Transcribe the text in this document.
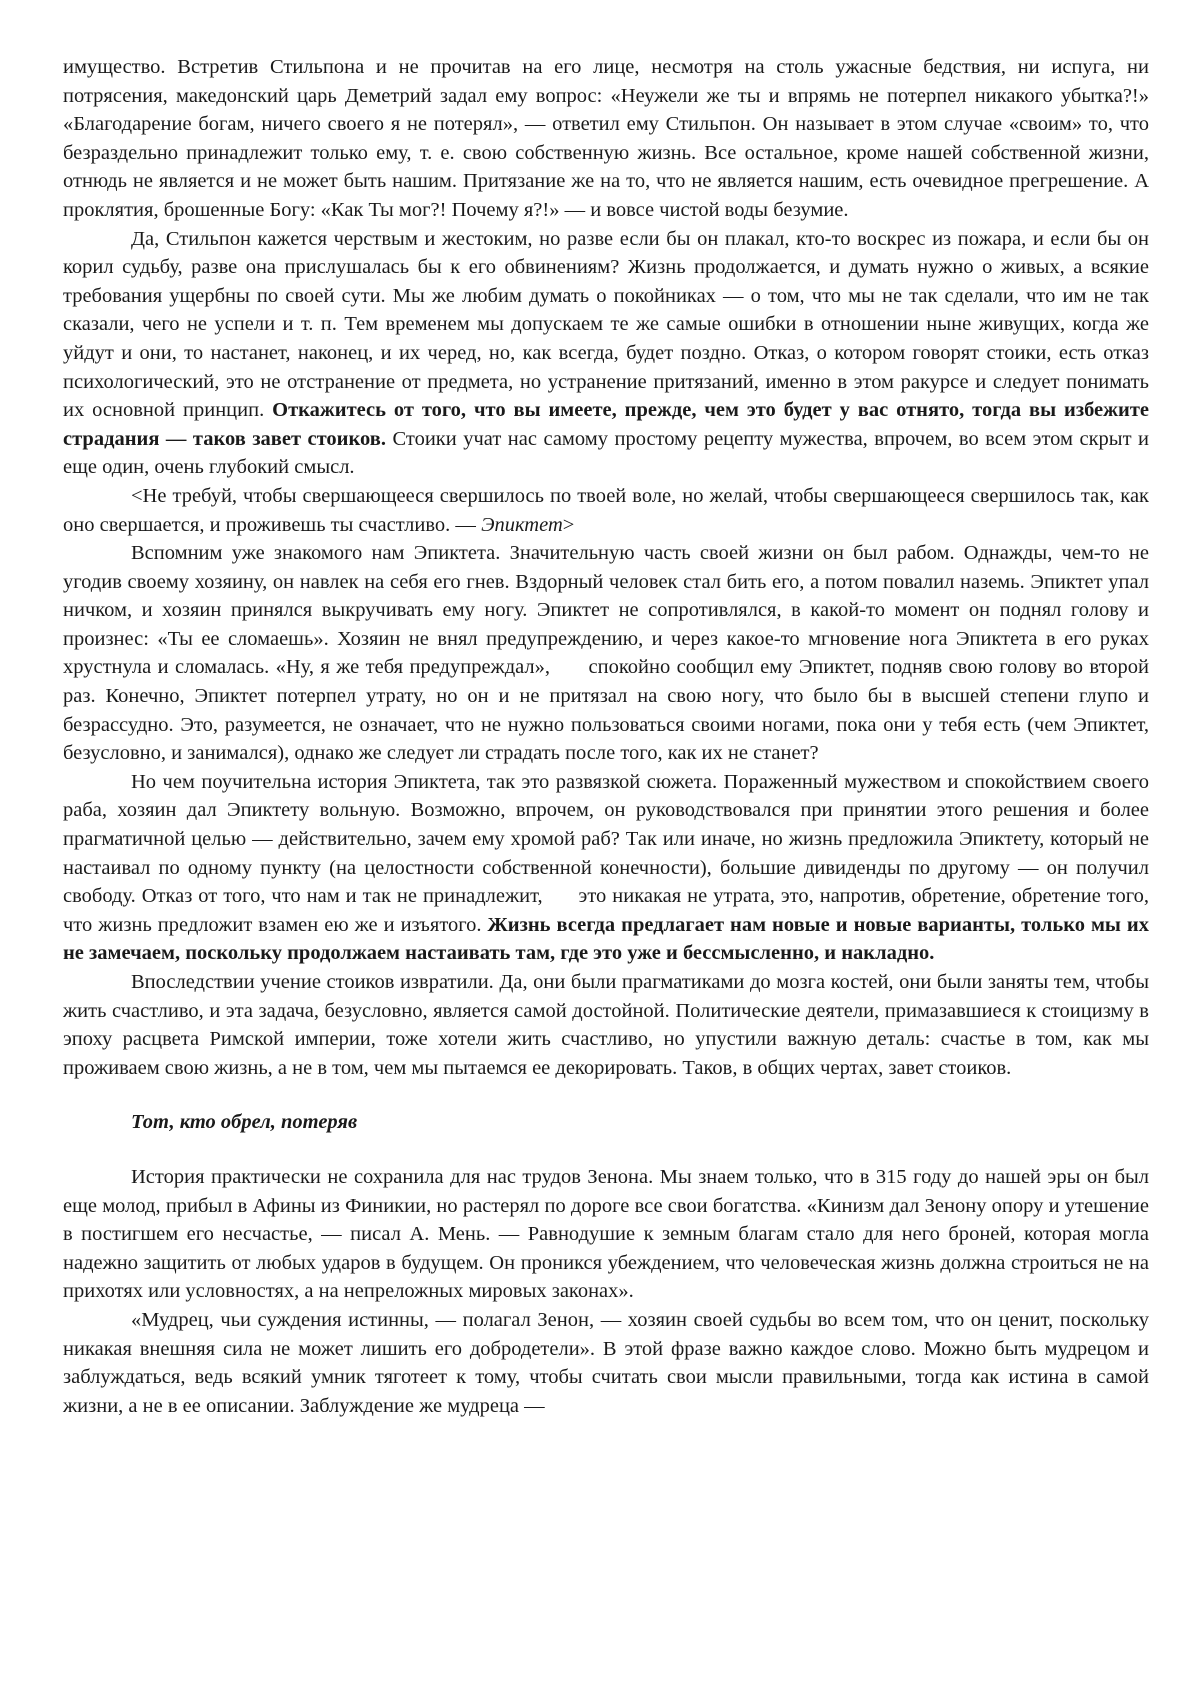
имущество. Встретив Стильпона и не прочитав на его лице, несмотря на столь ужасные бедствия, ни испуга, ни потрясения, македонский царь Деметрий задал ему вопрос: «Неужели же ты и впрямь не потерпел никакого убытка?!» «Благодарение богам, ничего своего я не потерял», — ответил ему Стильпон. Он называет в этом случае «своим» то, что безраздельно принадлежит только ему, т. е. свою собственную жизнь. Все остальное, кроме нашей собственной жизни, отнюдь не является и не может быть нашим. Притязание же на то, что не является нашим, есть очевидное прегрешение. А проклятия, брошенные Богу: «Как Ты мог?! Почему я?!» — и вовсе чистой воды безумие.

Да, Стильпон кажется черствым и жестоким, но разве если бы он плакал, кто-то воскрес из пожара, и если бы он корил судьбу, разве она прислушалась бы к его обвинениям? Жизнь продолжается, и думать нужно о живых, а всякие требования ущербны по своей сути. Мы же любим думать о покойниках — о том, что мы не так сделали, что им не так сказали, чего не успели и т. п. Тем временем мы допускаем те же самые ошибки в отношении ныне живущих, когда же уйдут и они, то настанет, наконец, и их черед, но, как всегда, будет поздно. Отказ, о котором говорят стоики, есть отказ психологический, это не отстранение от предмета, но устранение притязаний, именно в этом ракурсе и следует понимать их основной принцип. Откажитесь от того, что вы имеете, прежде, чем это будет у вас отнято, тогда вы избежите страдания — таков завет стоиков. Стоики учат нас самому простому рецепту мужества, впрочем, во всем этом скрыт и еще один, очень глубокий смысл.

<Не требуй, чтобы свершающееся свершилось по твоей воле, но желай, чтобы свершающееся свершилось так, как оно свершается, и проживешь ты счастливо. — Эпиктет>

Вспомним уже знакомого нам Эпиктета. Значительную часть своей жизни он был рабом. Однажды, чем-то не угодив своему хозяину, он навлек на себя его гнев. Вздорный человек стал бить его, а потом повалил наземь. Эпиктет упал ничком, и хозяин принялся выкручивать ему ногу. Эпиктет не сопротивлялся, в какой-то момент он поднял голову и произнес: «Ты ее сломаешь». Хозяин не внял предупреждению, и через какое-то мгновение нога Эпиктета в его руках хрустнула и сломалась. «Ну, я же тебя предупреждал»,      спокойно сообщил ему Эпиктет, подняв свою голову во второй раз. Конечно, Эпиктет потерпел утрату, но он и не притязал на свою ногу, что было бы в высшей степени глупо и безрассудно. Это, разумеется, не означает, что не нужно пользоваться своими ногами, пока они у тебя есть (чем Эпиктет, безусловно, и занимался), однако же следует ли страдать после того, как их не станет?

Но чем поучительна история Эпиктета, так это развязкой сюжета. Пораженный мужеством и спокойствием своего раба, хозяин дал Эпиктету вольную. Возможно, впрочем, он руководствовался при принятии этого решения и более прагматичной целью — действительно, зачем ему хромой раб? Так или иначе, но жизнь предложила Эпиктету, который не настаивал по одному пункту (на целостности собственной конечности), большие дивиденды по другому — он получил свободу. Отказ от того, что нам и так не принадлежит,      это никакая не утрата, это, напротив, обретение, обретение того, что жизнь предложит взамен ею же и изъятого. Жизнь всегда предлагает нам новые и новые варианты, только мы их не замечаем, поскольку продолжаем настаивать там, где это уже и бессмысленно, и накладно.

Впоследствии учение стоиков извратили. Да, они были прагматиками до мозга костей, они были заняты тем, чтобы жить счастливо, и эта задача, безусловно, является самой достойной. Политические деятели, примазавшиеся к стоицизму в эпоху расцвета Римской империи, тоже хотели жить счастливо, но упустили важную деталь: счастье в том, как мы проживаем свою жизнь, а не в том, чем мы пытаемся ее декорировать. Таков, в общих чертах, завет стоиков.

Тот, кто обрел, потеряв

История практически не сохранила для нас трудов Зенона. Мы знаем только, что в 315 году до нашей эры он был еще молод, прибыл в Афины из Финикии, но растерял по дороге все свои богатства. «Кинизм дал Зенону опору и утешение в постигшем его несчастье, — писал А. Мень. — Равнодушие к земным благам стало для него броней, которая могла надежно защитить от любых ударов в будущем. Он проникся убеждением, что человеческая жизнь должна строиться не на прихотях или условностях, а на непреложных мировых законах».

«Мудрец, чьи суждения истинны, — полагал Зенон, — хозяин своей судьбы во всем том, что он ценит, поскольку никакая внешняя сила не может лишить его добродетели». В этой фразе важно каждое слово. Можно быть мудрецом и заблуждаться, ведь всякий умник тяготеет к тому, чтобы считать свои мысли правильными, тогда как истина в самой жизни, а не в ее описании. Заблуждение же мудреца —
